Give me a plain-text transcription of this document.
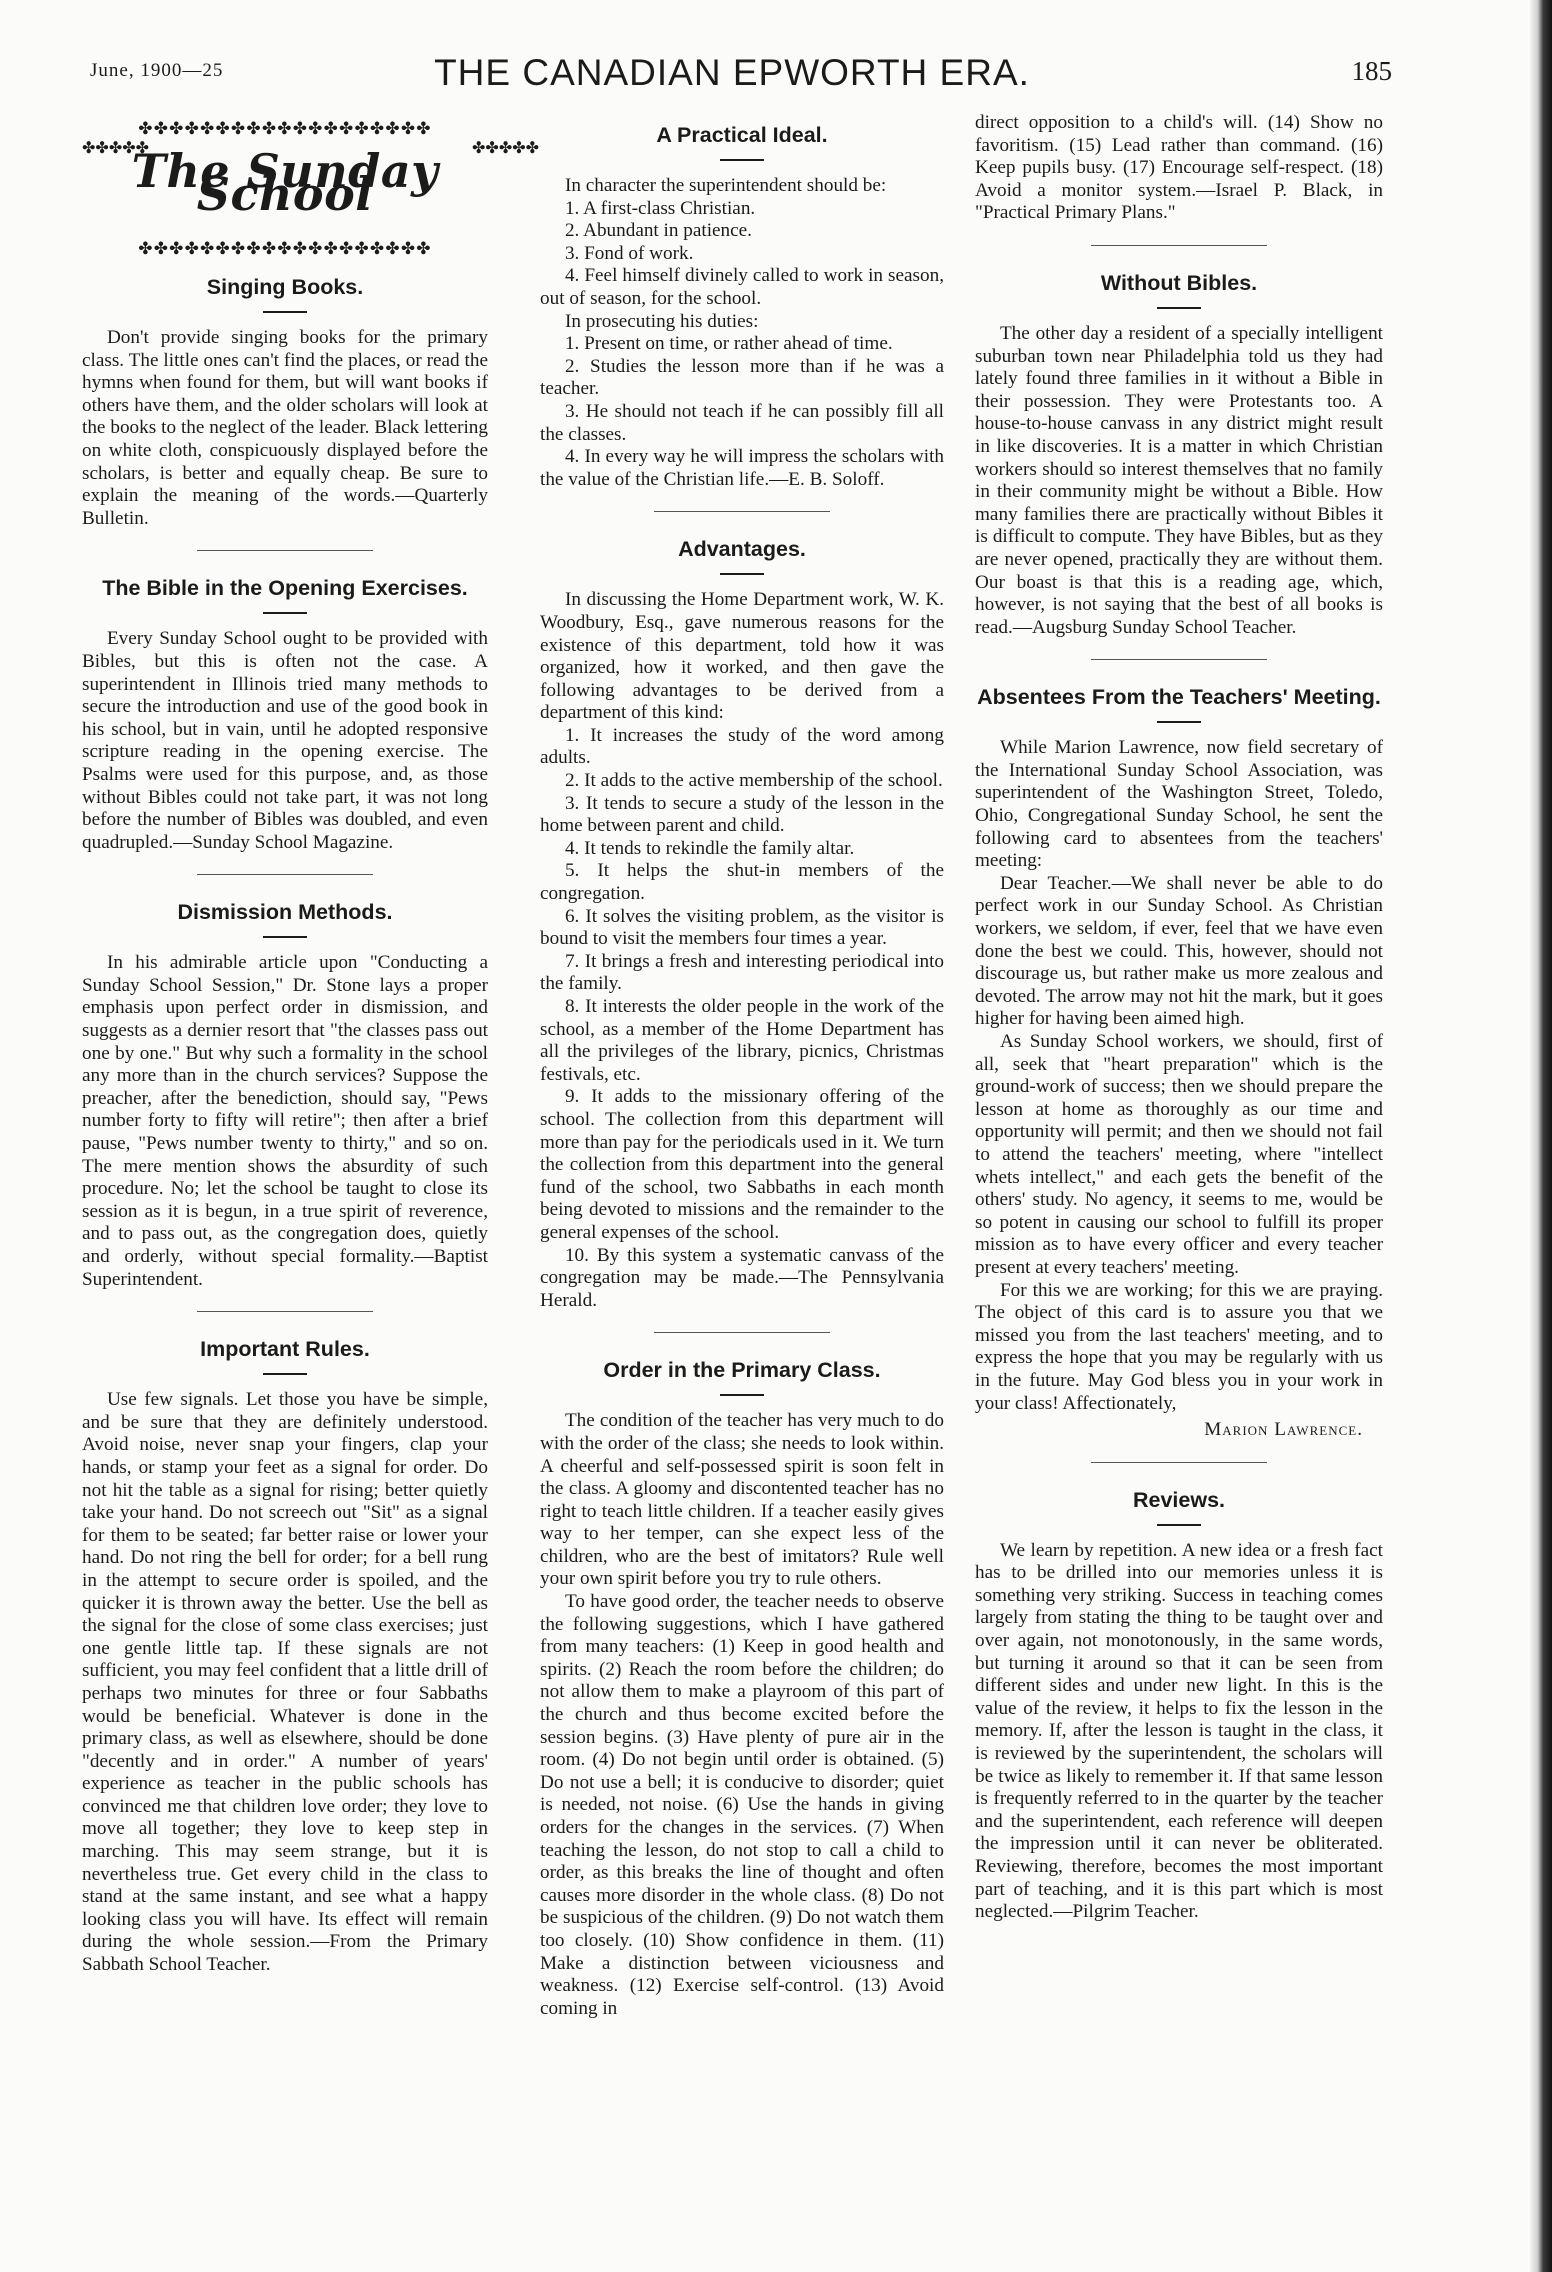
June, 1900—25	THE CANADIAN EPWORTH ERA.	185
✤✤✤✤✤✤✤✤✤✤✤✤✤✤✤✤✤✤✤
✤✤✤✤✤	✤✤✤✤✤
The Sunday School
✤✤✤✤✤✤✤✤✤✤✤✤✤✤✤✤✤✤✤
Singing Books.

Don't provide singing books for the primary class. The little ones can't find the places, or read the hymns when found for them, but will want books if others have them, and the older scholars will look at the books to the neglect of the leader. Black lettering on white cloth, conspicuously displayed before the scholars, is better and equally cheap. Be sure to explain the meaning of the words.—Quarterly Bulletin.

The Bible in the Opening Exercises.

Every Sunday School ought to be provided with Bibles, but this is often not the case. A superintendent in Illinois tried many methods to secure the introduction and use of the good book in his school, but in vain, until he adopted responsive scripture reading in the opening exercise. The Psalms were used for this purpose, and, as those without Bibles could not take part, it was not long before the number of Bibles was doubled, and even quadrupled.—Sunday School Magazine.

Dismission Methods.

In his admirable article upon "Conducting a Sunday School Session," Dr. Stone lays a proper emphasis upon perfect order in dismission, and suggests as a dernier resort that "the classes pass out one by one." But why such a formality in the school any more than in the church services? Suppose the preacher, after the benediction, should say, "Pews number forty to fifty will retire"; then after a brief pause, "Pews number twenty to thirty," and so on. The mere mention shows the absurdity of such procedure. No; let the school be taught to close its session as it is begun, in a true spirit of reverence, and to pass out, as the congregation does, quietly and orderly, without special formality.—Baptist Superintendent.

Important Rules.

Use few signals. Let those you have be simple, and be sure that they are definitely understood. Avoid noise, never snap your fingers, clap your hands, or stamp your feet as a signal for order. Do not hit the table as a signal for rising; better quietly take your hand. Do not screech out "Sit" as a signal for them to be seated; far better raise or lower your hand. Do not ring the bell for order; for a bell rung in the attempt to secure order is spoiled, and the quicker it is thrown away the better. Use the bell as the signal for the close of some class exercises; just one gentle little tap. If these signals are not sufficient, you may feel confident that a little drill of perhaps two minutes for three or four Sabbaths would be beneficial. Whatever is done in the primary class, as well as elsewhere, should be done "decently and in order." A number of years' experience as teacher in the public schools has convinced me that children love order; they love to move all together; they love to keep step in marching. This may seem strange, but it is nevertheless true. Get every child in the class to stand at the same instant, and see what a happy looking class you will have. Its effect will remain during the whole session.—From the Primary Sabbath School Teacher.

A Practical Ideal.

In character the superintendent should be:

1. A first-class Christian.

2. Abundant in patience.

3. Fond of work.

4. Feel himself divinely called to work in season, out of season, for the school.

In prosecuting his duties:

1. Present on time, or rather ahead of time.

2. Studies the lesson more than if he was a teacher.

3. He should not teach if he can possibly fill all the classes.

4. In every way he will impress the scholars with the value of the Christian life.—E. B. Soloff.

Advantages.

In discussing the Home Department work, W. K. Woodbury, Esq., gave numerous reasons for the existence of this department, told how it was organized, how it worked, and then gave the following advantages to be derived from a department of this kind:

1. It increases the study of the word among adults.

2. It adds to the active membership of the school.

3. It tends to secure a study of the lesson in the home between parent and child.

4. It tends to rekindle the family altar.

5. It helps the shut-in members of the congregation.

6. It solves the visiting problem, as the visitor is bound to visit the members four times a year.

7. It brings a fresh and interesting periodical into the family.

8. It interests the older people in the work of the school, as a member of the Home Department has all the privileges of the library, picnics, Christmas festivals, etc.

9. It adds to the missionary offering of the school. The collection from this department will more than pay for the periodicals used in it. We turn the collection from this department into the general fund of the school, two Sabbaths in each month being devoted to missions and the remainder to the general expenses of the school.

10. By this system a systematic canvass of the congregation may be made.—The Pennsylvania Herald.

Order in the Primary Class.

The condition of the teacher has very much to do with the order of the class; she needs to look within. A cheerful and self-possessed spirit is soon felt in the class. A gloomy and discontented teacher has no right to teach little children. If a teacher easily gives way to her temper, can she expect less of the children, who are the best of imitators? Rule well your own spirit before you try to rule others.

To have good order, the teacher needs to observe the following suggestions, which I have gathered from many teachers: (1) Keep in good health and spirits. (2) Reach the room before the children; do not allow them to make a playroom of this part of the church and thus become excited before the session begins. (3) Have plenty of pure air in the room. (4) Do not begin until order is obtained. (5) Do not use a bell; it is conducive to disorder; quiet is needed, not noise. (6) Use the hands in giving orders for the changes in the services. (7) When teaching the lesson, do not stop to call a child to order, as this breaks the line of thought and often causes more disorder in the whole class. (8) Do not be suspicious of the children. (9) Do not watch them too closely. (10) Show confidence in them. (11) Make a distinction between viciousness and weakness. (12) Exercise self-control. (13) Avoid coming in

direct opposition to a child's will. (14) Show no favoritism. (15) Lead rather than command. (16) Keep pupils busy. (17) Encourage self-respect. (18) Avoid a monitor system.—Israel P. Black, in "Practical Primary Plans."

Without Bibles.

The other day a resident of a specially intelligent suburban town near Philadelphia told us they had lately found three families in it without a Bible in their possession. They were Protestants too. A house-to-house canvass in any district might result in like discoveries. It is a matter in which Christian workers should so interest themselves that no family in their community might be without a Bible. How many families there are practically without Bibles it is difficult to compute. They have Bibles, but as they are never opened, practically they are without them. Our boast is that this is a reading age, which, however, is not saying that the best of all books is read.—Augsburg Sunday School Teacher.

Absentees From the Teachers' Meeting.

While Marion Lawrence, now field secretary of the International Sunday School Association, was superintendent of the Washington Street, Toledo, Ohio, Congregational Sunday School, he sent the following card to absentees from the teachers' meeting:

Dear Teacher.—We shall never be able to do perfect work in our Sunday School. As Christian workers, we seldom, if ever, feel that we have even done the best we could. This, however, should not discourage us, but rather make us more zealous and devoted. The arrow may not hit the mark, but it goes higher for having been aimed high.

As Sunday School workers, we should, first of all, seek that "heart preparation" which is the ground-work of success; then we should prepare the lesson at home as thoroughly as our time and opportunity will permit; and then we should not fail to attend the teachers' meeting, where "intellect whets intellect," and each gets the benefit of the others' study. No agency, it seems to me, would be so potent in causing our school to fulfill its proper mission as to have every officer and every teacher present at every teachers' meeting.

For this we are working; for this we are praying. The object of this card is to assure you that we missed you from the last teachers' meeting, and to express the hope that you may be regularly with us in the future. May God bless you in your work in your class! Affectionately,

Marion Lawrence.
Reviews.

We learn by repetition. A new idea or a fresh fact has to be drilled into our memories unless it is something very striking. Success in teaching comes largely from stating the thing to be taught over and over again, not monotonously, in the same words, but turning it around so that it can be seen from different sides and under new light. In this is the value of the review, it helps to fix the lesson in the memory. If, after the lesson is taught in the class, it is reviewed by the superintendent, the scholars will be twice as likely to remember it. If that same lesson is frequently referred to in the quarter by the teacher and the superintendent, each reference will deepen the impression until it can never be obliterated. Reviewing, therefore, becomes the most important part of teaching, and it is this part which is most neglected.—Pilgrim Teacher.
